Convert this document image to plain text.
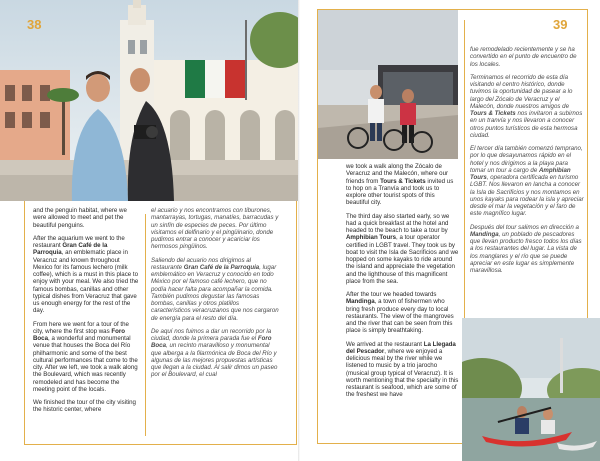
38

and the penguin habitat, where we were allowed to meet and pet the beautiful penguins.

After the aquarium we went to the restaurant Gran Café de la Parroquia, an emblematic place in Veracruz and known throughout Mexico for its famous lechero (milk coffee), which is a must in this place to enjoy with your meal. We also tried the famous bombas, canillas and other typical dishes from Veracruz that gave us enough energy for the rest of the day.

From here we went for a tour of the city, where the first stop was Foro Boca, a wonderful and monumental venue that houses the Boca del Río philharmonic and some of the best cultural performances that come to the city. After we left, we took a walk along the Boulevard, which was recently remodeled and has become the meeting point of the locals.

We finished the tour of the city visiting the historic center, where

el acuario y nos encontramos con tiburones, mantarrayas, tortugas, manatíes, barracudas y un sinfín de especies de peces. Por último visitamos el delfinario y el pingüinario, donde pudimos entrar a conocer y acariciar los hermosos pingüinos.

Saliendo del acuario nos dirigimos al restaurante Gran Café de la Parroquia, lugar emblemático en Veracruz y conocido en todo México por el famoso café lechero, que no podía hacer falta para acompañar la comida. También pudimos degustar las famosas bombas, canillas y otros platillos característicos veracruzanos que nos cargaron de energía para el resto del día.

De aquí nos fuimos a dar un recorrido por la ciudad, donde la primera parada fue el Foro Boca, un recinto maravilloso y monumental que alberga a la filarmónica de Boca del Río y algunas de las mejores propuestas artísticas que llegan a la ciudad. Al salir dimos un paseo por el Boulevard, el cual

39

we took a walk along the Zócalo de Veracruz and the Malecón, where our friends from Tours & Tickets invited us to hop on a Tranvía and took us to explore other tourist spots of this beautiful city.

The third day also started early, so we had a quick breakfast at the hotel and headed to the beach to take a tour by Amphibian Tours, a tour operator certified in LGBT travel. They took us by boat to visit the Isla de Sacrificios and we hopped on some kayaks to ride around the island and appreciate the vegetation and the lighthouse of this magnificent place from the sea.

After the tour we headed towards Mandinga, a town of fishermen who bring fresh produce every day to local restaurants. The view of the mangroves and the river that can be seen from this place is simply breathtaking.

We arrived at the restaurant La Llegada del Pescador, where we enjoyed a delicious meal by the river while we listened to music by a trio jarocho (musical group typical of Veracruz). It is worth mentioning that the specialty in this restaurant is seafood, which are some of the freshest we have

fue remodelado recientemente y se ha convertido en el punto de encuentro de los locales.

Terminamos el recorrido de esta día visitando el centro histórico, donde tuvimos la oportunidad de pasear a lo largo del Zócalo de Veracruz y el Malecón, donde nuestros amigos de Tours & Tickets nos invitaron a subirnos en un tranvía y nos llevaron a conocer otros puntos turísticos de esta hermosa ciudad.

El tercer día también comenzó temprano, por lo que desayunamos rápido en el hotel y nos dirigimos a la playa para tomar un tour a cargo de Amphibian Tours, operadora certificada en turismo LGBT. Nos llevaron en lancha a conocer la Isla de Sacrificios y nos montamos en unos kayaks para rodear la isla y apreciar desde el mar la vegetación y el faro de este magnífico lugar.

Después del tour salimos en dirección a Mandinga, un poblado de pescadores que llevan producto fresco todos los días a los restaurantes del lugar. La vista de los manglares y el río que se puede apreciar en este lugar es simplemente maravillosa.
